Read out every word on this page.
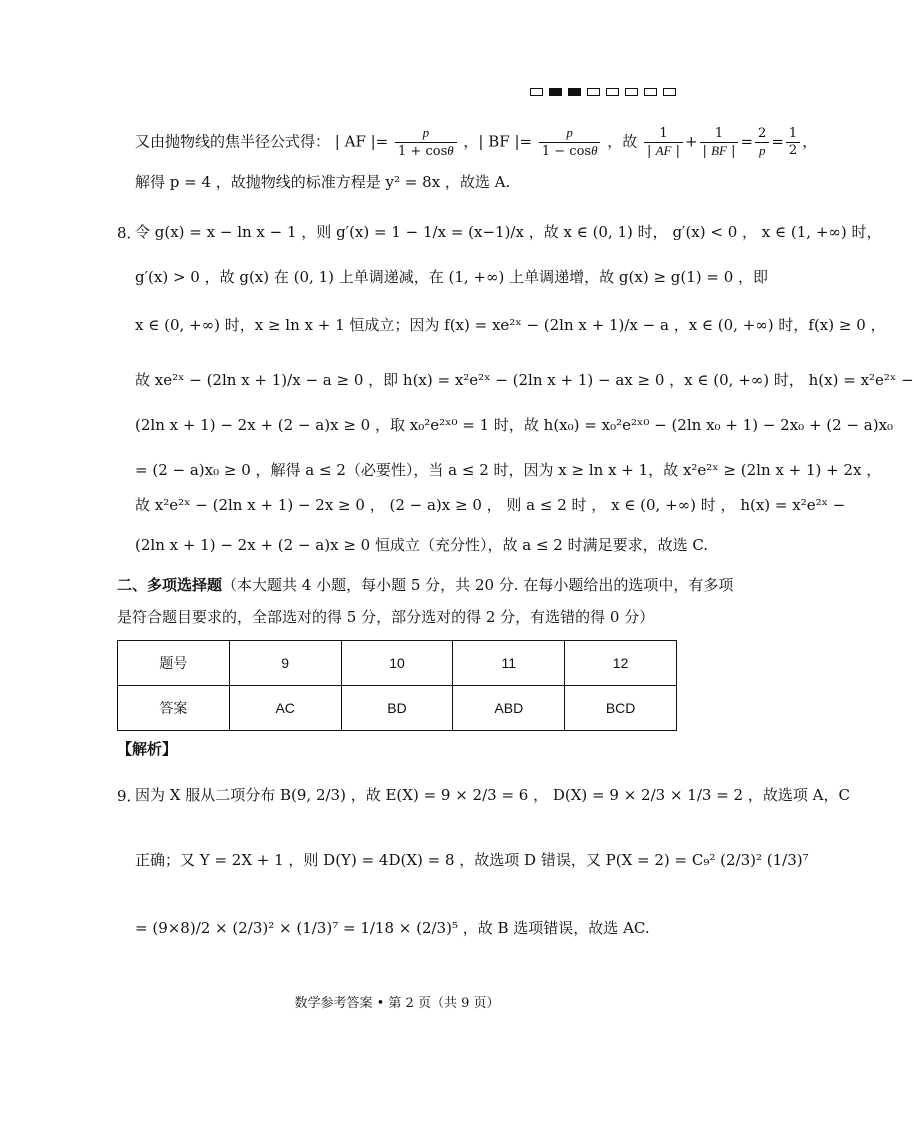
又由抛物线的焦半径公式得： | AF |= $\frac{p}{1 + \cos\theta}$ ，| BF |= $\frac{p}{1 - \cos\theta}$ ，故 $\frac{1}{| AF |} + \frac{1}{| BF |} = \frac{2}{p} = \frac{1}{2}$ ，
解得 p = 4 ，故抛物线的标准方程是 y² = 8x ，故选 A.
8．
令 g(x) = x − ln x − 1 ，则 g′(x) = 1 − 1/x = (x−1)/x ，故 x ∈ (0, 1) 时， g′(x) < 0 ， x ∈ (1, +∞) 时，
g′(x) > 0 ，故 g(x) 在 (0, 1) 上单调递减，在 (1, +∞) 上单调递增，故 g(x) ≥ g(1) = 0 ，即
x ∈ (0, +∞) 时，x ≥ ln x + 1 恒成立；因为 f(x) = xe²ˣ − (2ln x + 1)/x − a ，x ∈ (0, +∞) 时，f(x) ≥ 0 ，
故 xe²ˣ − (2ln x + 1)/x − a ≥ 0 ，即 h(x) = x²e²ˣ − (2ln x + 1) − ax ≥ 0 ，x ∈ (0, +∞) 时， h(x) = x²e²ˣ −
(2ln x + 1) − 2x + (2 − a)x ≥ 0 ，取 x₀²e²ˣ⁰ = 1 时，故 h(x₀) = x₀²e²ˣ⁰ − (2ln x₀ + 1) − 2x₀ + (2 − a)x₀
= (2 − a)x₀ ≥ 0 ，解得 a ≤ 2（必要性），当 a ≤ 2 时，因为 x ≥ ln x + 1，故 x²e²ˣ ≥ (2ln x + 1) + 2x ，
故 x²e²ˣ − (2ln x + 1) − 2x ≥ 0 ， (2 − a)x ≥ 0 ， 则 a ≤ 2 时 ， x ∈ (0, +∞) 时 ， h(x) = x²e²ˣ −
(2ln x + 1) − 2x + (2 − a)x ≥ 0 恒成立（充分性），故 a ≤ 2 时满足要求，故选 C.
二、多项选择题（本大题共 4 小题，每小题 5 分，共 20 分. 在每小题给出的选项中，有多项
是符合题目要求的，全部选对的得 5 分，部分选对的得 2 分，有选错的得 0 分）
题号	9	10	11	12
答案	AC	BD	ABD	BCD
【解析】
9．
因为 X 服从二项分布 B(9, 2/3) ，故 E(X) = 9 × 2/3 = 6 ， D(X) = 9 × 2/3 × 1/3 = 2 ，故选项 A，C
正确；又 Y = 2X + 1 ，则 D(Y) = 4D(X) = 8 ，故选项 D 错误，又 P(X = 2) = C₉² (2/3)² (1/3)⁷
= (9×8)/2 × (2/3)² × (1/3)⁷ = 1/18 × (2/3)⁵ ，故 B 选项错误，故选 AC.
数学参考答案 • 第 2 页（共 9 页）
